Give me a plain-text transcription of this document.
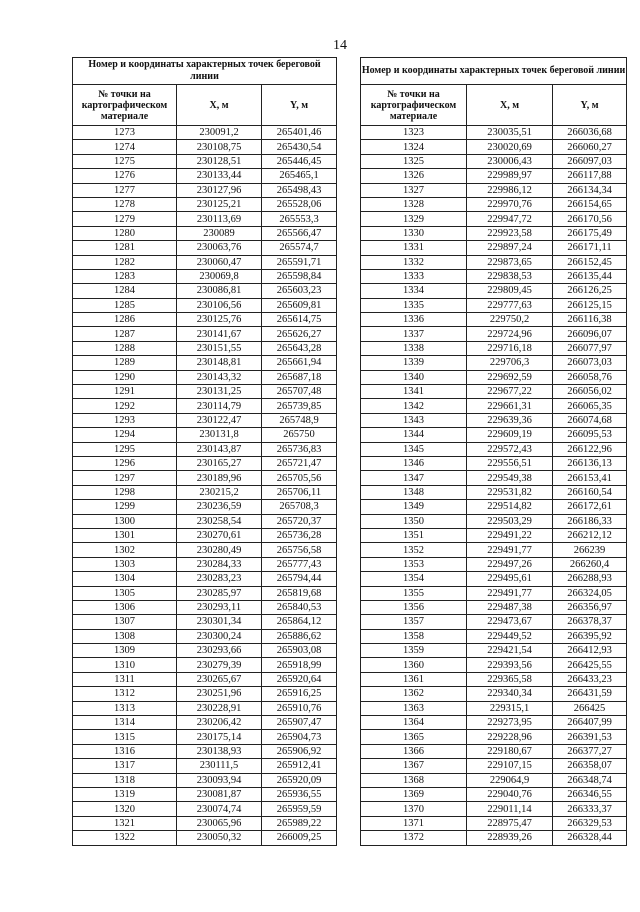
14
Номер и координаты характерных точек береговой линии		
№ точки на картографическом материале	Х, м	Y, м
1273	230091,2	265401,46
1274	230108,75	265430,54
1275	230128,51	265446,45
1276	230133,44	265465,1
1277	230127,96	265498,43
1278	230125,21	265528,06
1279	230113,69	265553,3
1280	230089	265566,47
1281	230063,76	265574,7
1282	230060,47	265591,71
1283	230069,8	265598,84
1284	230086,81	265603,23
1285	230106,56	265609,81
1286	230125,76	265614,75
1287	230141,67	265626,27
1288	230151,55	265643,28
1289	230148,81	265661,94
1290	230143,32	265687,18
1291	230131,25	265707,48
1292	230114,79	265739,85
1293	230122,47	265748,9
1294	230131,8	265750
1295	230143,87	265736,83
1296	230165,27	265721,47
1297	230189,96	265705,56
1298	230215,2	265706,11
1299	230236,59	265708,3
1300	230258,54	265720,37
1301	230270,61	265736,28
1302	230280,49	265756,58
1303	230284,33	265777,43
1304	230283,23	265794,44
1305	230285,97	265819,68
1306	230293,11	265840,53
1307	230301,34	265864,12
1308	230300,24	265886,62
1309	230293,66	265903,08
1310	230279,39	265918,99
1311	230265,67	265920,64
1312	230251,96	265916,25
1313	230228,91	265910,76
1314	230206,42	265907,47
1315	230175,14	265904,73
1316	230138,93	265906,92
1317	230111,5	265912,41
1318	230093,94	265920,09
1319	230081,87	265936,55
1320	230074,74	265959,59
1321	230065,96	265989,22
1322	230050,32	266009,25
Номер и координаты характерных точек береговой линии		
№ точки на картографическом материале	Х, м	Y, м
1323	230035,51	266036,68
1324	230020,69	266060,27
1325	230006,43	266097,03
1326	229989,97	266117,88
1327	229986,12	266134,34
1328	229970,76	266154,65
1329	229947,72	266170,56
1330	229923,58	266175,49
1331	229897,24	266171,11
1332	229873,65	266152,45
1333	229838,53	266135,44
1334	229809,45	266126,25
1335	229777,63	266125,15
1336	229750,2	266116,38
1337	229724,96	266096,07
1338	229716,18	266077,97
1339	229706,3	266073,03
1340	229692,59	266058,76
1341	229677,22	266056,02
1342	229661,31	266065,35
1343	229639,36	266074,68
1344	229609,19	266095,53
1345	229572,43	266122,96
1346	229556,51	266136,13
1347	229549,38	266153,41
1348	229531,82	266160,54
1349	229514,82	266172,61
1350	229503,29	266186,33
1351	229491,22	266212,12
1352	229491,77	266239
1353	229497,26	266260,4
1354	229495,61	266288,93
1355	229491,77	266324,05
1356	229487,38	266356,97
1357	229473,67	266378,37
1358	229449,52	266395,92
1359	229421,54	266412,93
1360	229393,56	266425,55
1361	229365,58	266433,23
1362	229340,34	266431,59
1363	229315,1	266425
1364	229273,95	266407,99
1365	229228,96	266391,53
1366	229180,67	266377,27
1367	229107,15	266358,07
1368	229064,9	266348,74
1369	229040,76	266346,55
1370	229011,14	266333,37
1371	228975,47	266329,53
1372	228939,26	266328,44
